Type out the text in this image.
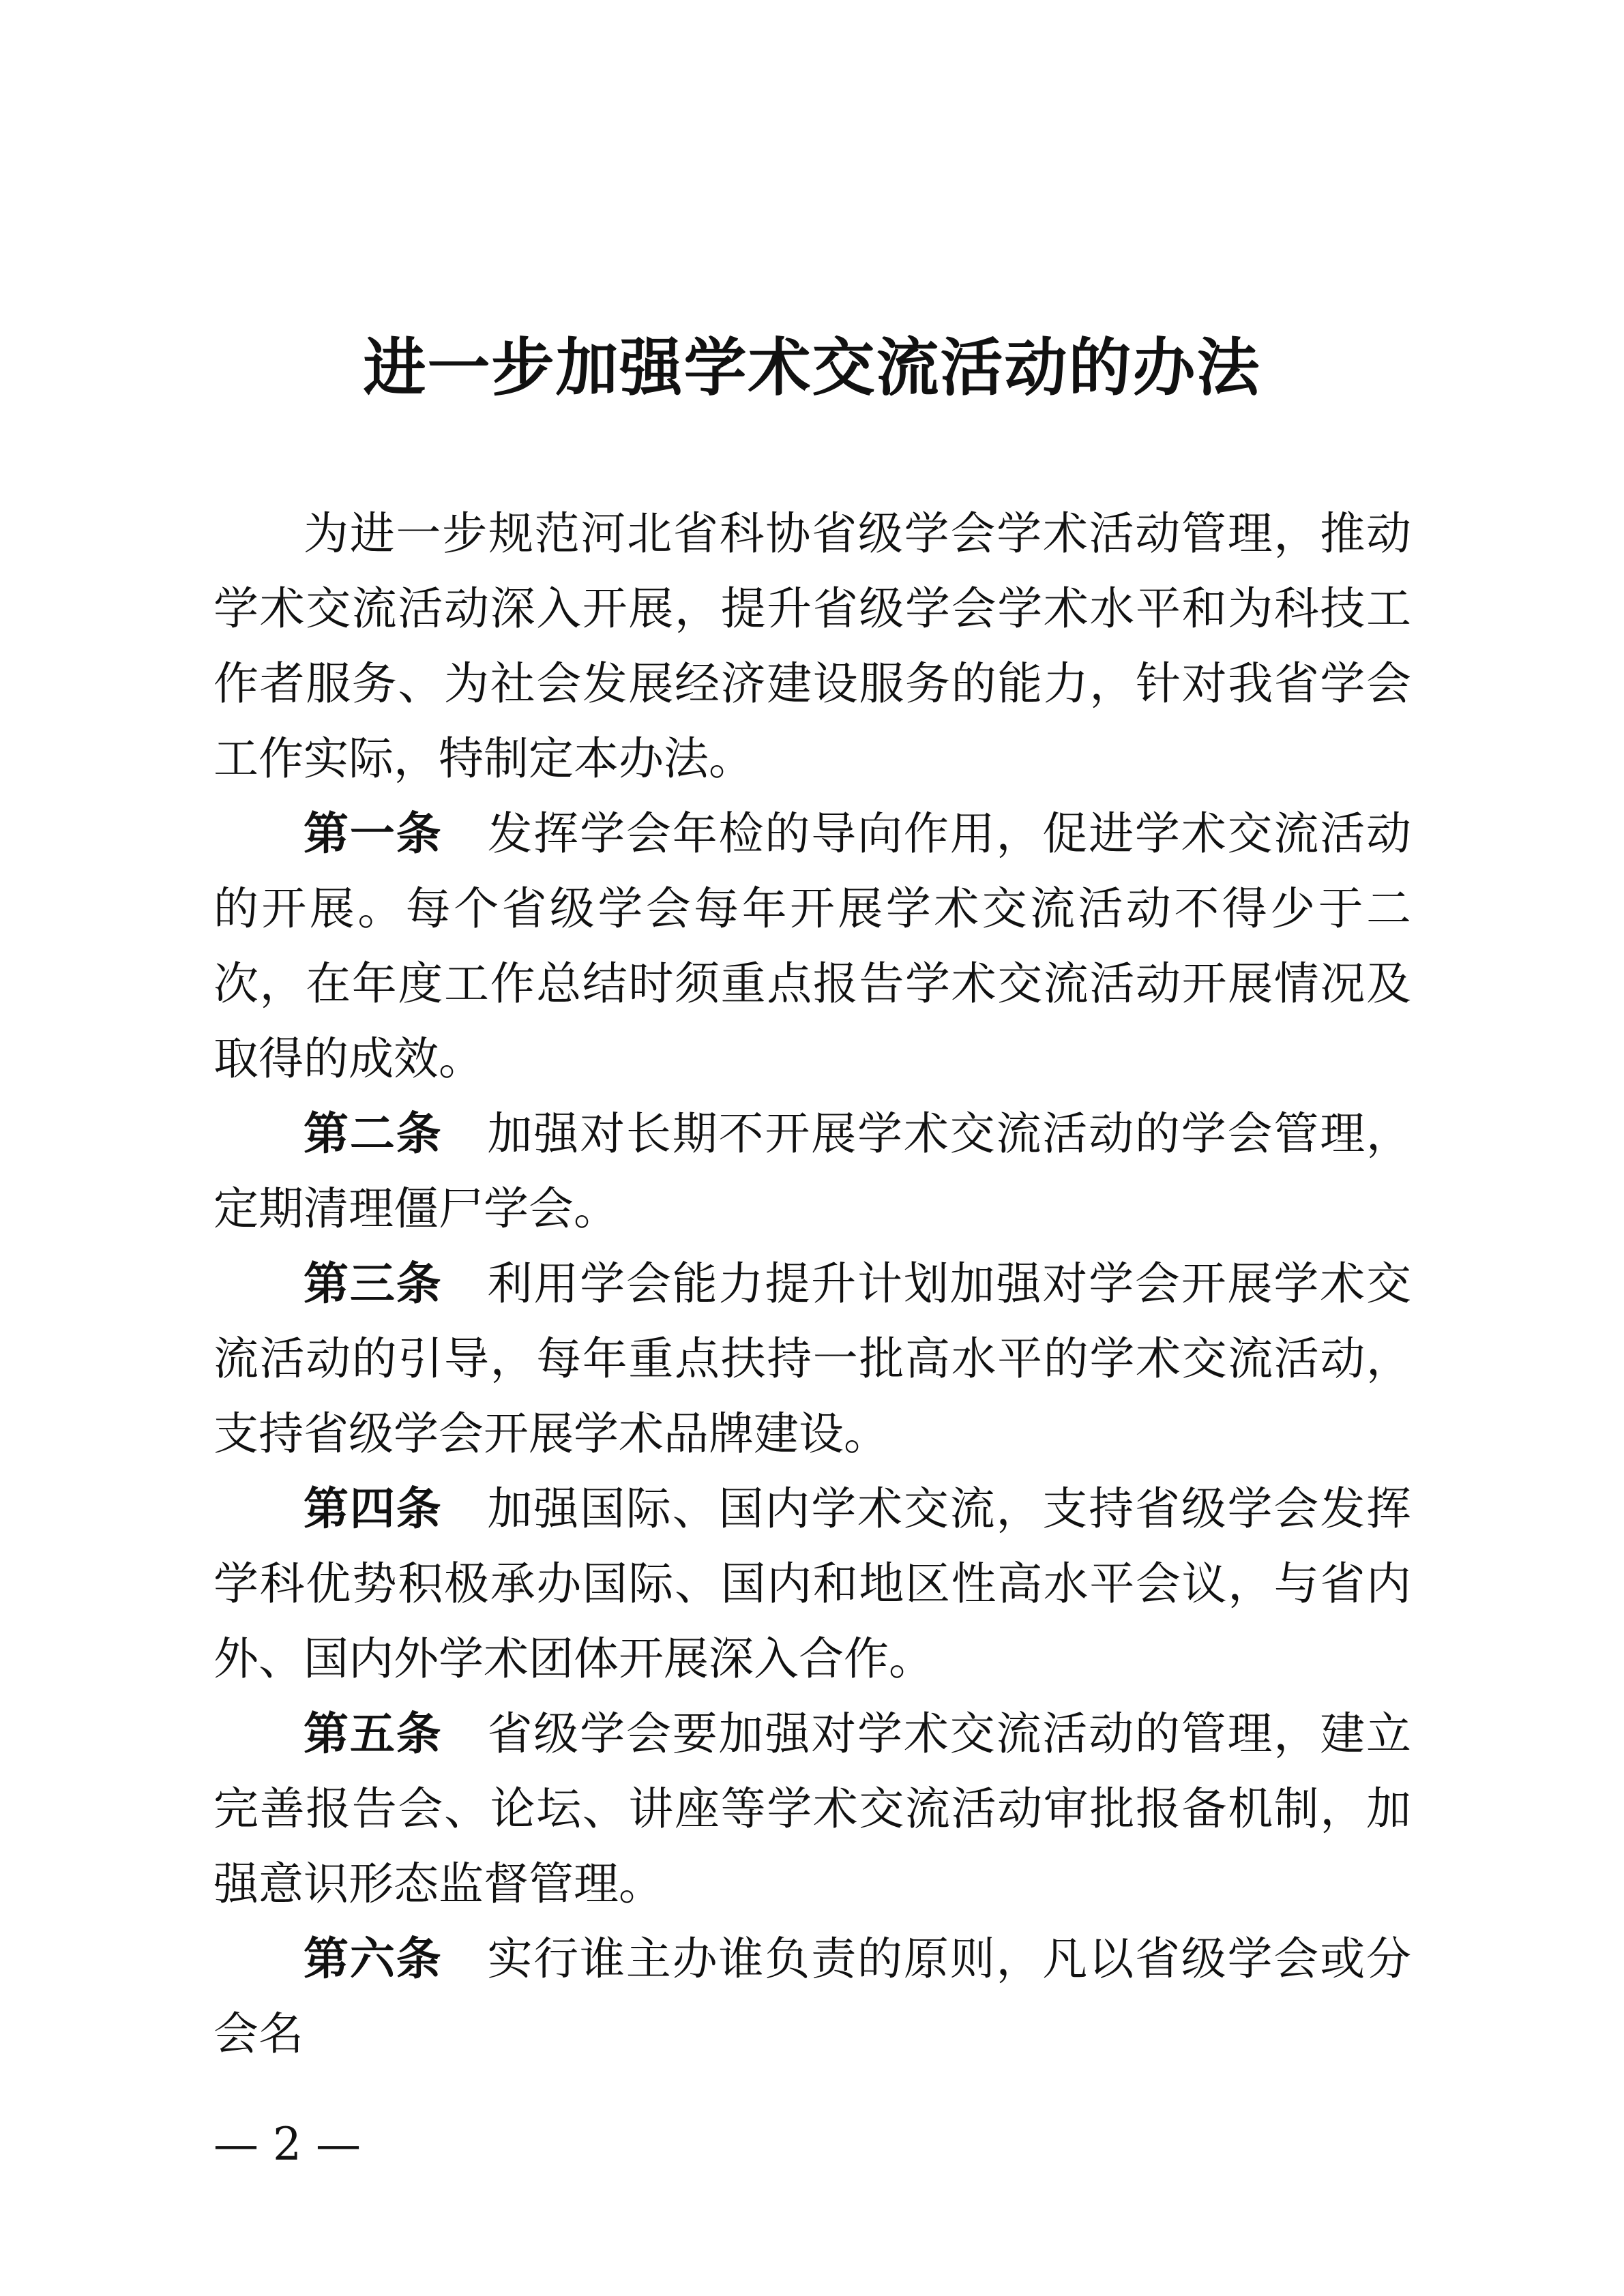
进一步加强学术交流活动的办法

为进一步规范河北省科协省级学会学术活动管理，推动学术交流活动深入开展，提升省级学会学术水平和为科技工作者服务、为社会发展经济建设服务的能力，针对我省学会工作实际，特制定本办法。

第一条 发挥学会年检的导向作用，促进学术交流活动的开展。每个省级学会每年开展学术交流活动不得少于二次，在年度工作总结时须重点报告学术交流活动开展情况及取得的成效。

第二条 加强对长期不开展学术交流活动的学会管理，定期清理僵尸学会。

第三条 利用学会能力提升计划加强对学会开展学术交流活动的引导，每年重点扶持一批高水平的学术交流活动，支持省级学会开展学术品牌建设。

第四条 加强国际、国内学术交流，支持省级学会发挥学科优势积极承办国际、国内和地区性高水平会议，与省内外、国内外学术团体开展深入合作。

第五条 省级学会要加强对学术交流活动的管理，建立完善报告会、论坛、讲座等学术交流活动审批报备机制，加强意识形态监督管理。

第六条 实行谁主办谁负责的原则，凡以省级学会或分会名

— 2 —
